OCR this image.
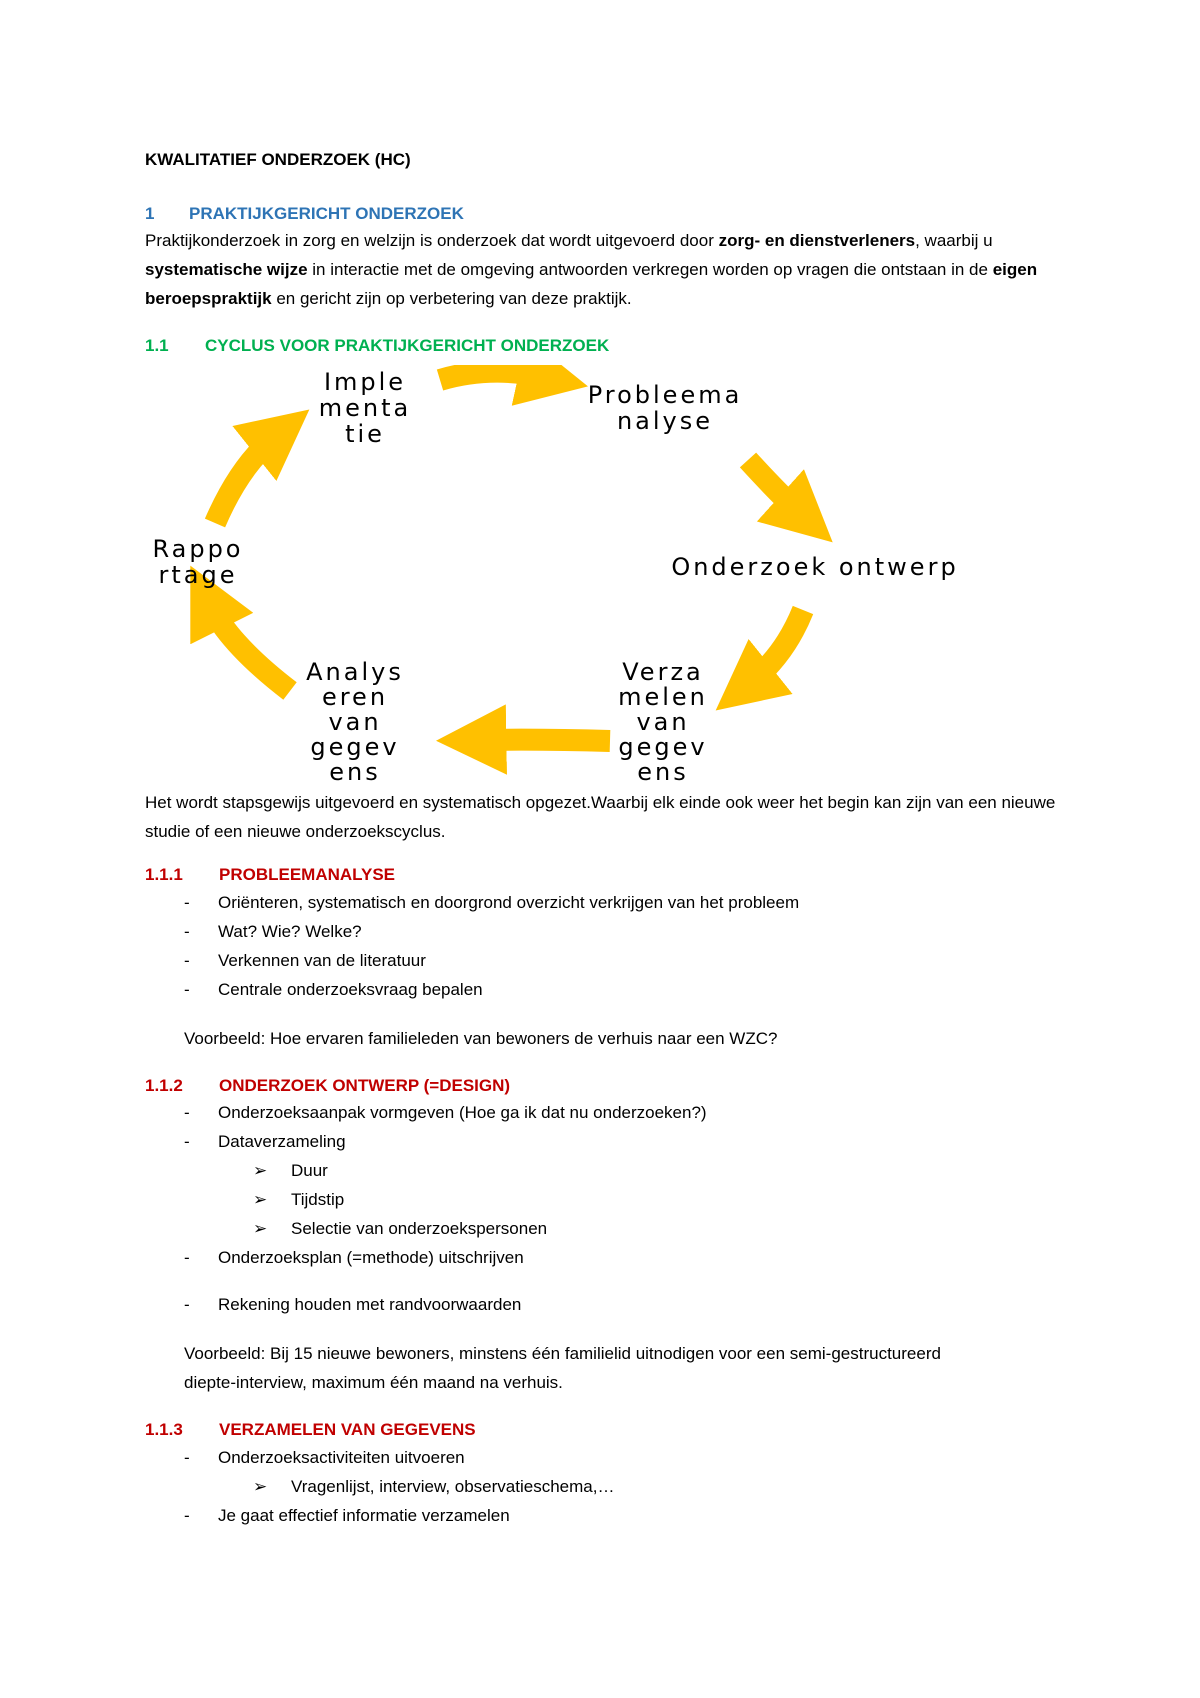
KWALITATIEF ONDERZOEK (HC)
1 PRAKTIJKGERICHT ONDERZOEK

Praktijkonderzoek in zorg en welzijn is onderzoek dat wordt uitgevoerd door zorg- en dienstverleners, waarbij u systematische wijze in interactie met de omgeving antwoorden verkregen worden op vragen die ontstaan in de eigen beroepspraktijk en gericht zijn op verbetering van deze praktijk.

1.1 CYCLUS VOOR PRAKTIJKGERICHT ONDERZOEK
Imple
menta
tie
Probleema
nalyse
Onderzoek ontwerp
Verza
melen
van
gegev
ens
Analys
eren
van
gegev
ens
Rappo
rtage

Het wordt stapsgewijs uitgevoerd en systematisch opgezet.Waarbij elk einde ook weer het begin kan zijn van een nieuwe studie of een nieuwe onderzoekscyclus.

1.1.1 PROBLEEMANALYSE
- Oriënteren, systematisch en doorgrond overzicht verkrijgen van het probleem
- Wat? Wie? Welke?
- Verkennen van de literatuur
- Centrale onderzoeksvraag bepalen

Voorbeeld: Hoe ervaren familieleden van bewoners de verhuis naar een WZC?

1.1.2 ONDERZOEK ONTWERP (=DESIGN)
- Onderzoeksaanpak vormgeven (Hoe ga ik dat nu onderzoeken?)
- Dataverzameling
➢ Duur
➢ Tijdstip
➢ Selectie van onderzoekspersonen
- Onderzoeksplan (=methode) uitschrijven
- Rekening houden met randvoorwaarden

Voorbeeld: Bij 15 nieuwe bewoners, minstens één familielid uitnodigen voor een semi-gestructureerd diepte-interview, maximum één maand na verhuis.

1.1.3 VERZAMELEN VAN GEGEVENS
- Onderzoeksactiviteiten uitvoeren
➢ Vragenlijst, interview, observatieschema,…
- Je gaat effectief informatie verzamelen
